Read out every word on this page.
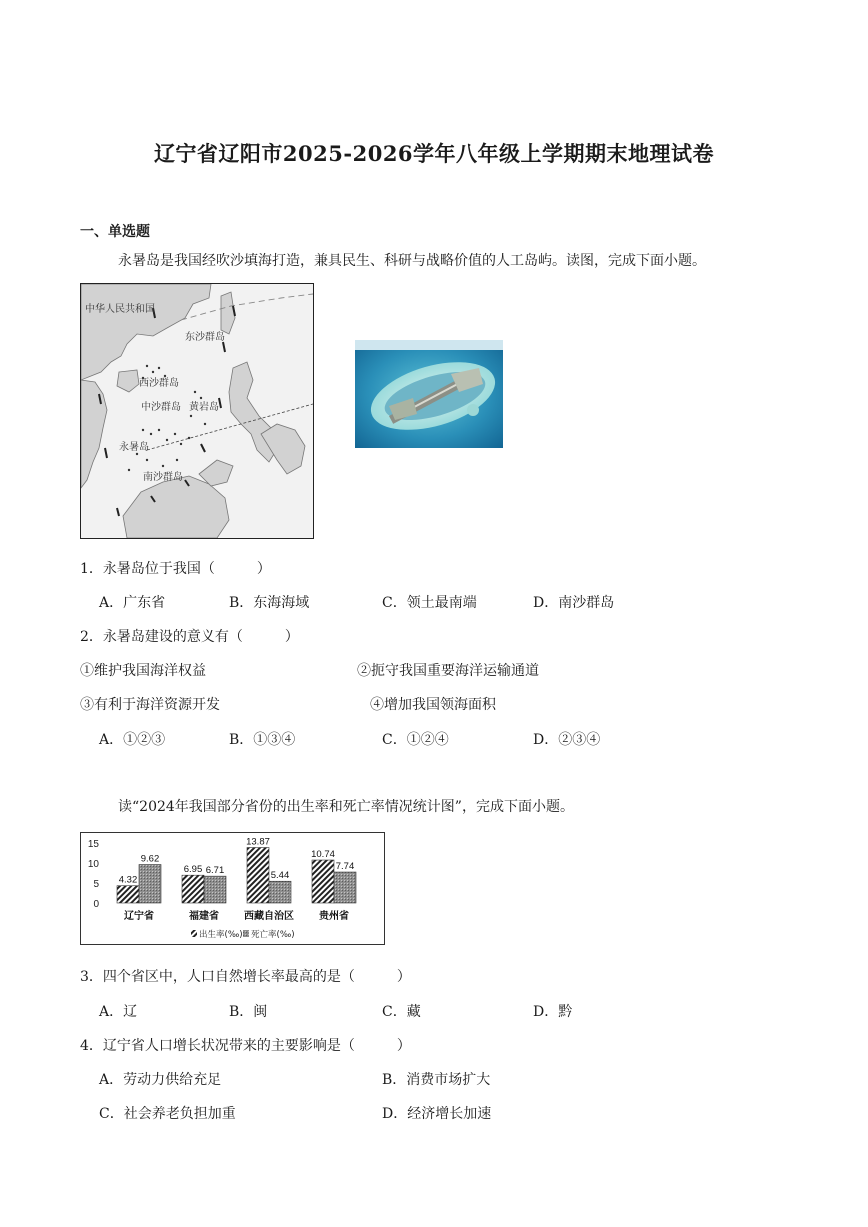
辽宁省辽阳市2025-2026学年八年级上学期期末地理试卷
一、单选题
永暑岛是我国经吹沙填海打造，兼具民生、科研与战略价值的人工岛屿。读图，完成下面小题。
中华人民共和国
东沙群岛
西沙群岛
中沙群岛 黄岩岛
永暑岛
南沙群岛
1．永暑岛位于我国（　　　）
A．广东省	B．东海海域	C．领土最南端	D．南沙群岛
2．永暑岛建设的意义有（　　　）
①维护我国海洋权益	②扼守我国重要海洋运输通道
③有利于海洋资源开发	④增加我国领海面积
A．①②③	B．①③④	C．①②④	D．②③④
读“2024年我国部分省份的出生率和死亡率情况统计图”，完成下面小题。
15
10
5
0
4.32
9.62
6.95 6.71
13.87
5.44
10.74
7.74
辽宁省	福建省	西藏自治区	贵州省
出生率(‰) 死亡率(‰)
3．四个省区中，人口自然增长率最高的是（　　　）
A．辽	B．闽	C．藏	D．黔
4．辽宁省人口增长状况带来的主要影响是（　　　）
A．劳动力供给充足	B．消费市场扩大
C．社会养老负担加重	D．经济增长加速
